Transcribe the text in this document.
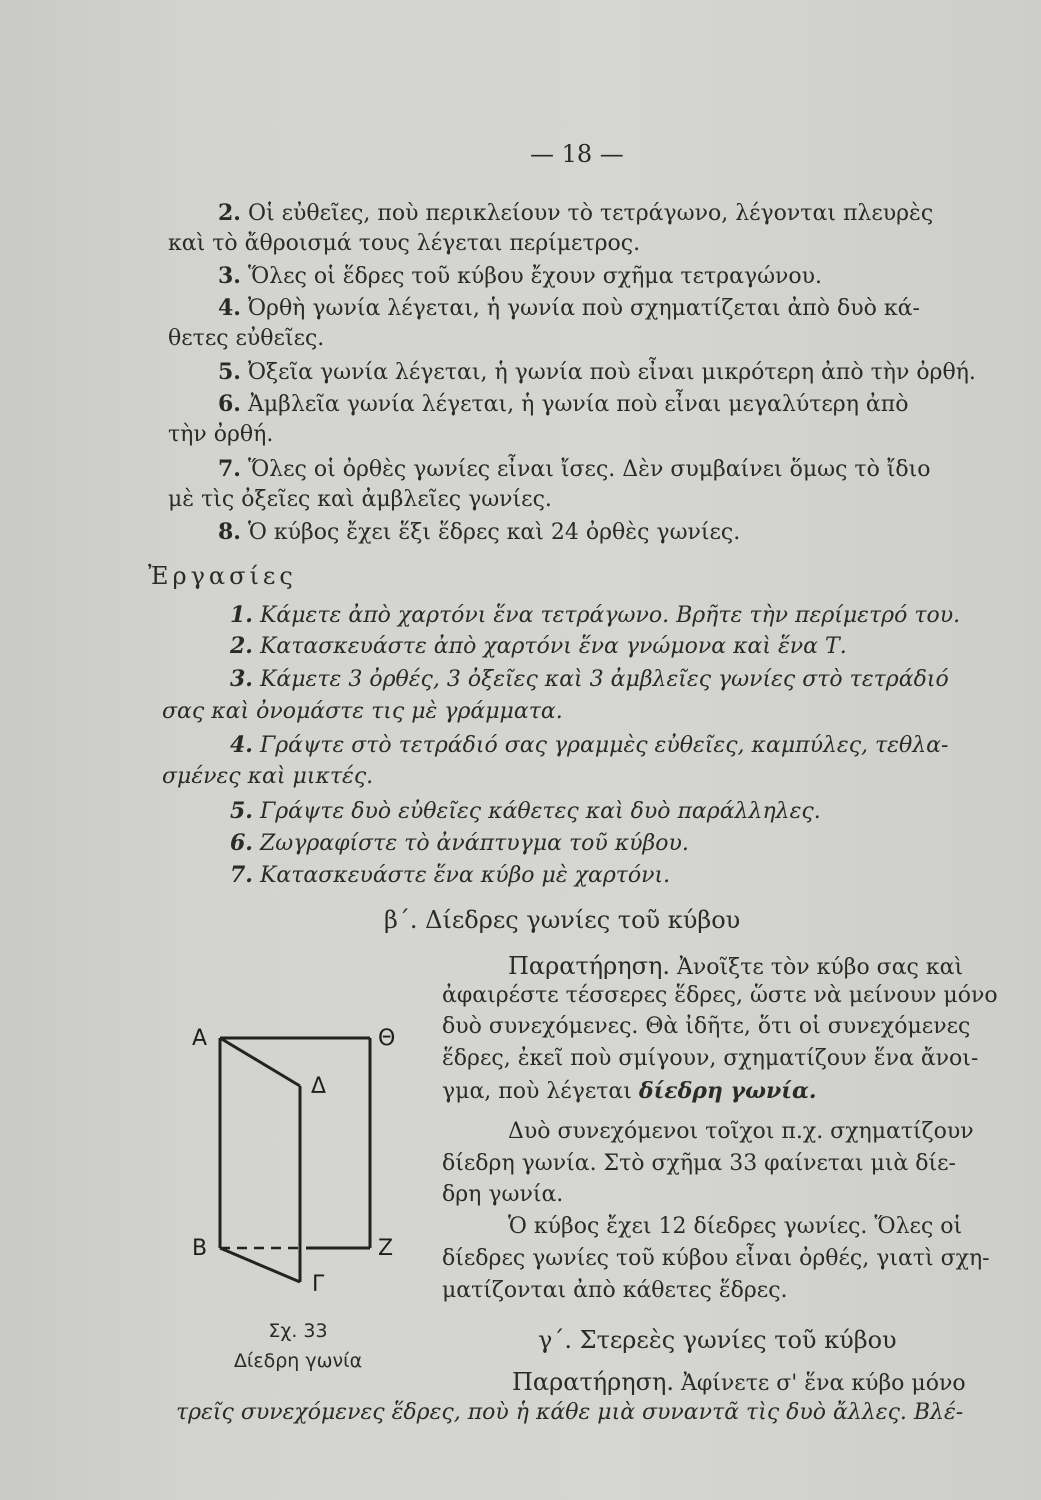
— 18 —
2. Οἱ εὐθεῖες, ποὺ περικλείουν τὸ τετράγωνο, λέγονται πλευρὲς
καὶ τὸ ἄθροισμά τους λέγεται περίμετρος.
3. Ὅλες οἱ ἕδρες τοῦ κύβου ἔχουν σχῆμα τετραγώνου.
4. Ὀρθὴ γωνία λέγεται, ἡ γωνία ποὺ σχηματίζεται ἀπὸ δυὸ κά-
θετες εὐθεῖες.
5. Ὀξεῖα γωνία λέγεται, ἡ γωνία ποὺ εἶναι μικρότερη ἀπὸ τὴν ὀρθή.
6. Ἀμβλεῖα γωνία λέγεται, ἡ γωνία ποὺ εἶναι μεγαλύτερη ἀπὸ
τὴν ὀρθή.
7. Ὅλες οἱ ὀρθὲς γωνίες εἶναι ἴσες. Δὲν συμβαίνει ὅμως τὸ ἴδιο
μὲ τὶς ὀξεῖες καὶ ἀμβλεῖες γωνίες.
8. Ὁ κύβος ἔχει ἕξι ἕδρες καὶ 24 ὀρθὲς γωνίες.
Ἐργασίες
1. Κάμετε ἀπὸ χαρτόνι ἕνα τετράγωνο. Βρῆτε τὴν περίμετρό του.
2. Κατασκευάστε ἀπὸ χαρτόνι ἕνα γνώμονα καὶ ἕνα Τ.
3. Κάμετε 3 ὀρθές, 3 ὀξεῖες καὶ 3 ἀμβλεῖες γωνίες στὸ τετράδιό
σας καὶ ὀνομάστε τις μὲ γράμματα.
4. Γράψτε στὸ τετράδιό σας γραμμὲς εὐθεῖες, καμπύλες, τεθλα-
σμένες καὶ μικτές.
5. Γράψτε δυὸ εὐθεῖες κάθετες καὶ δυὸ παράλληλες.
6. Ζωγραφίστε τὸ ἀνάπτυγμα τοῦ κύβου.
7. Κατασκευάστε ἕνα κύβο μὲ χαρτόνι.
β΄. Δίεδρες γωνίες τοῦ κύβου
Παρατήρηση. Ἀνοῖξτε τὸν κύβο σας καὶ
ἀφαιρέστε τέσσερες ἕδρες, ὥστε νὰ μείνουν μόνο
δυὸ συνεχόμενες. Θὰ ἰδῆτε, ὅτι οἱ συνεχόμενες
ἕδρες, ἐκεῖ ποὺ σμίγουν, σχηματίζουν ἕνα ἄνοι-
γμα, ποὺ λέγεται δίεδρη γωνία.
Δυὸ συνεχόμενοι τοῖχοι π.χ. σχηματίζουν
δίεδρη γωνία. Στὸ σχῆμα 33 φαίνεται μιὰ δίε-
δρη γωνία.
Ὁ κύβος ἔχει 12 δίεδρες γωνίες. Ὅλες οἱ
δίεδρες γωνίες τοῦ κύβου εἶναι ὀρθές, γιατὶ σχη-
ματίζονται ἀπὸ κάθετες ἕδρες.
A	Θ
Δ
B	Z
Γ
Σχ. 33
Δίεδρη γωνία
γ΄. Στερεὲς γωνίες τοῦ κύβου
Παρατήρηση. Ἀφίνετε σ' ἕνα κύβο μόνο
τρεῖς συνεχόμενες ἕδρες, ποὺ ἡ κάθε μιὰ συναντᾶ τὶς δυὸ ἄλλες. Βλέ-
